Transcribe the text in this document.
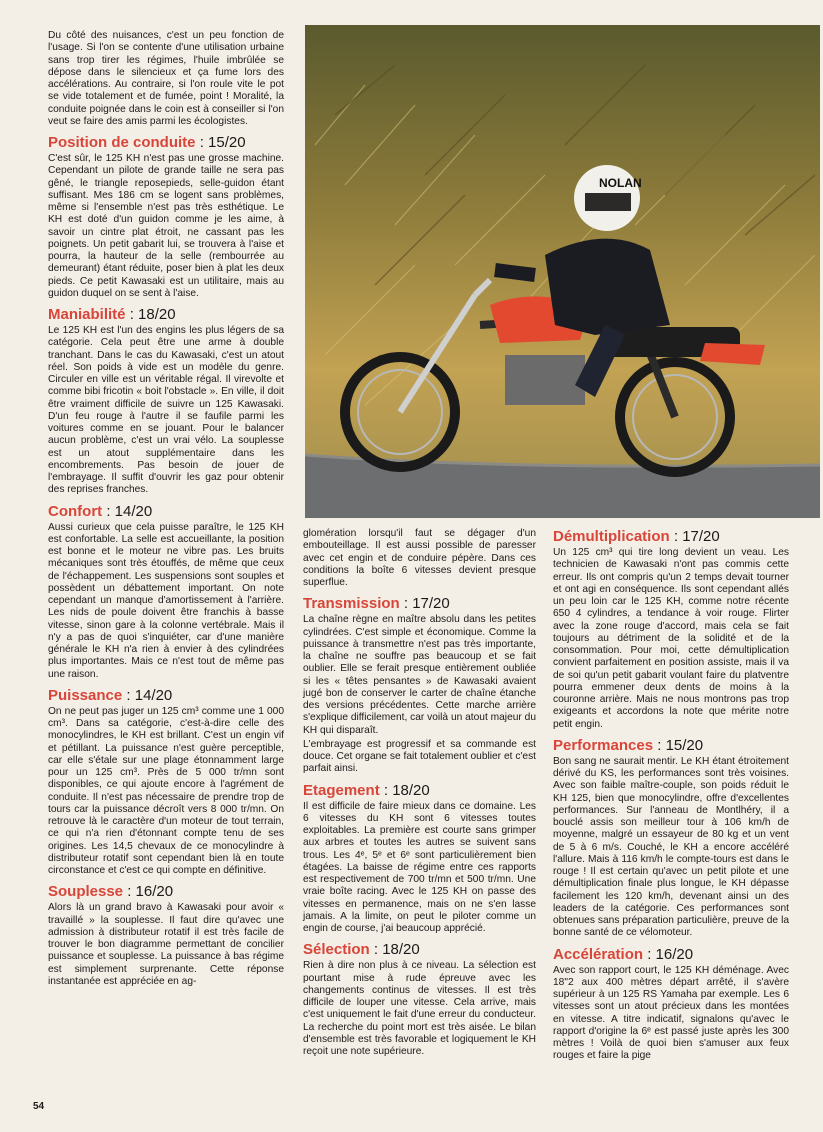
Du côté des nuisances, c'est un peu fonction de l'usage. Si l'on se contente d'une utilisation urbaine sans trop tirer les régimes, l'huile imbrûlée se dépose dans le silencieux et ça fume lors des accélérations. Au contraire, si l'on roule vite le pot se vide totalement et de fumée, point ! Moralité, la conduite poignée dans le coin est à conseiller si l'on veut se faire des amis parmi les écologistes.

Position de conduite : 15/20

C'est sûr, le 125 KH n'est pas une grosse machine. Cependant un pilote de grande taille ne sera pas gêné, le triangle reposepieds, selle-guidon étant suffisant. Mes 186 cm se logent sans problèmes, même si l'ensemble n'est pas très esthétique. Le KH est doté d'un guidon comme je les aime, à savoir un cintre plat étroit, ne cassant pas les poignets. Un petit gabarit lui, se trouvera à l'aise et pourra, la hauteur de la selle (rembourrée au demeurant) étant réduite, poser bien à plat les deux pieds. Ce petit Kawasaki est un utilitaire, mais au guidon duquel on se sent à l'aise.

Maniabilité : 18/20

Le 125 KH est l'un des engins les plus légers de sa catégorie. Cela peut être une arme à double tranchant. Dans le cas du Kawasaki, c'est un atout réel. Son poids à vide est un modèle du genre. Circuler en ville est un véritable régal. Il virevolte et comme bibi fricotin « boit l'obstacle ». En ville, il doit être vraiment difficile de suivre un 125 Kawasaki. D'un feu rouge à l'autre il se faufile parmi les voitures comme en se jouant. Pour le balancer aucun problème, c'est un vrai vélo. La souplesse est un atout supplémentaire dans les encombrements. Pas besoin de jouer de l'embrayage. Il suffit d'ouvrir les gaz pour obtenir des reprises franches.

Confort : 14/20

Aussi curieux que cela puisse paraître, le 125 KH est confortable. La selle est accueillante, la position est bonne et le moteur ne vibre pas. Les bruits mécaniques sont très étouffés, de même que ceux de l'échappement. Les suspensions sont souples et possèdent un débattement important. On note cependant un manque d'amortissement à l'arrière. Les nids de poule doivent être franchis à basse vitesse, sinon gare à la colonne vertébrale. Mais il n'y a pas de quoi s'inquiéter, car d'une manière générale le KH n'a rien à envier à des cylindrées plus importantes. Mais ce n'est tout de même pas une raison.

Puissance : 14/20

On ne peut pas juger un 125 cm³ comme une 1 000 cm³. Dans sa catégorie, c'est-à-dire celle des monocylindres, le KH est brillant. C'est un engin vif et pétillant. La puissance n'est guère perceptible, car elle s'étale sur une plage étonnamment large pour un 125 cm³. Près de 5 000 tr/mn sont disponibles, ce qui ajoute encore à l'agrément de conduite. Il n'est pas nécessaire de prendre trop de tours car la puissance décroît vers 8 000 tr/mn. On retrouve là le caractère d'un moteur de tout terrain, ce qui n'a rien d'étonnant compte tenu de ses origines. Les 14,5 chevaux de ce monocylindre à distributeur rotatif sont cependant bien là en toute circonstance et c'est ce qui compte en définitive.

Souplesse : 16/20

Alors là un grand bravo à Kawasaki pour avoir « travaillé » la souplesse. Il faut dire qu'avec une admission à distributeur rotatif il est très facile de trouver le bon diagramme permettant de concilier puissance et souplesse. La puissance à bas régime est simplement surprenante. Cette réponse instantanée est appréciée en ag-

glomération lorsqu'il faut se dégager d'un embouteillage. Il est aussi possible de paresser avec cet engin et de conduire pépère. Dans ces conditions la boîte 6 vitesses devient presque superflue.

Transmission : 17/20

La chaîne règne en maître absolu dans les petites cylindrées. C'est simple et économique. Comme la puissance à transmettre n'est pas très importante, la chaîne ne souffre pas beaucoup et se fait oublier. Elle se ferait presque entièrement oubliée si les « têtes pensantes » de Kawasaki avaient jugé bon de conserver le carter de chaîne étanche des versions précédentes. Cette marche arrière s'explique difficilement, car voilà un atout majeur du KH qui disparaît.

L'embrayage est progressif et sa commande est douce. Cet organe se fait totalement oublier et c'est parfait ainsi.

Etagement : 18/20

Il est difficile de faire mieux dans ce domaine. Les 6 vitesses du KH sont 6 vitesses toutes exploitables. La première est courte sans grimper aux arbres et toutes les autres se suivent sans trous. Les 4ᵉ, 5ᵉ et 6ᵉ sont particulièrement bien étagées. La baisse de régime entre ces rapports est respectivement de 700 tr/mn et 500 tr/mn. Une vraie boîte racing. Avec le 125 KH on passe des vitesses en permanence, mais on ne s'en lasse jamais. A la limite, on peut le piloter comme un engin de course, j'ai beaucoup apprécié.

Sélection : 18/20

Rien à dire non plus à ce niveau. La sélection est pourtant mise à rude épreuve avec les changements continus de vitesses. Il est très difficile de louper une vitesse. Cela arrive, mais c'est uniquement le fait d'une erreur du conducteur. La recherche du point mort est très aisée. Le bilan d'ensemble est très favorable et logiquement le KH reçoit une note supérieure.

Démultiplication : 17/20

Un 125 cm³ qui tire long devient un veau. Les technicien de Kawasaki n'ont pas commis cette erreur. Ils ont compris qu'un 2 temps devait tourner et ont agi en conséquence. Ils sont cependant allés un peu loin car le 125 KH, comme notre récente 650 4 cylindres, a tendance à voir rouge. Flirter avec la zone rouge d'accord, mais cela se fait toujours au détriment de la solidité et de la consommation. Pour moi, cette démultiplication convient parfaitement en position assiste, mais il va de soi qu'un petit gabarit voulant faire du platventre pourra emmener deux dents de moins à la couronne arrière. Mais ne nous montrons pas trop exigeants et accordons la note que mérite notre petit engin.

Performances : 15/20

Bon sang ne saurait mentir. Le KH étant étroitement dérivé du KS, les performances sont très voisines. Avec son faible maître-couple, son poids réduit le KH 125, bien que monocylindre, offre d'excellentes performances. Sur l'anneau de Montlhéry, il a bouclé assis son meilleur tour à 106 km/h de moyenne, malgré un essayeur de 80 kg et un vent de 5 à 6 m/s. Couché, le KH a encore accéléré l'allure. Mais à 116 km/h le compte-tours est dans le rouge ! Il est certain qu'avec un petit pilote et une démultiplication finale plus longue, le KH dépasse facilement les 120 km/h, devenant ainsi un des leaders de la catégorie. Ces performances sont obtenues sans préparation particulière, preuve de la bonne santé de ce vélomoteur.

Accélération : 16/20

Avec son rapport court, le 125 KH déménage. Avec 18"2 aux 400 mètres départ arrêté, il s'avère supérieur à un 125 RS Yamaha par exemple. Les 6 vitesses sont un atout précieux dans les montées en vitesse. A titre indicatif, signalons qu'avec le rapport d'origine la 6ᵉ est passé juste après les 300 mètres ! Voilà de quoi bien s'amuser aux feux rouges et faire la pige

NOLAN
54
